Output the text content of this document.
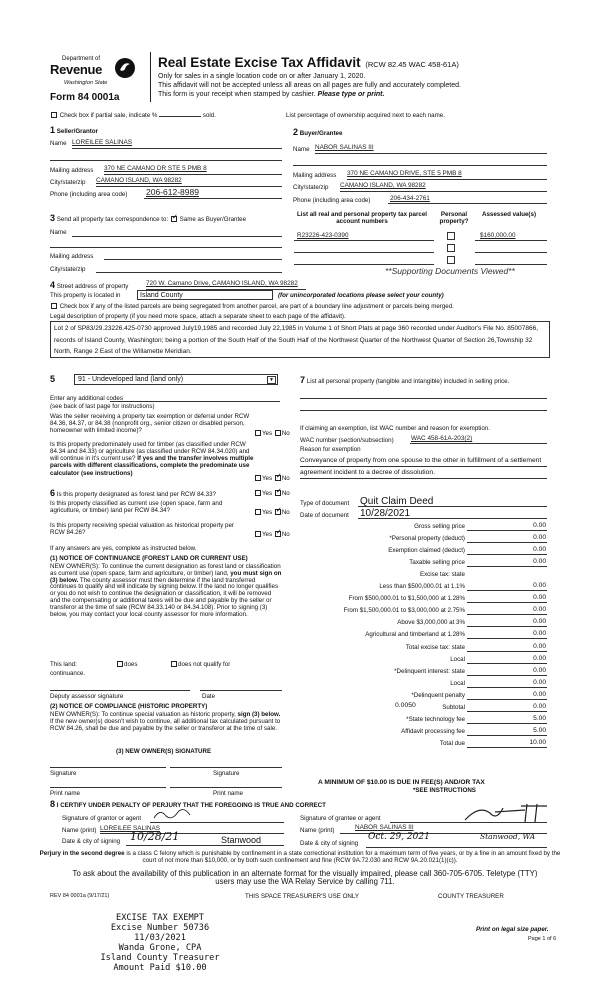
Department of
Revenue
Washington State
Form 84 0001a
Real Estate Excise Tax Affidavit (RCW 82.45 WAC 458-61A)
Only for sales in a single location code on or after January 1, 2020.
This affidavit will not be accepted unless all areas on all pages are fully and accurately completed.
This form is your receipt when stamped by cashier. Please type or print.
Check box if partial sale, indicate %	sold.	List percentage of ownership acquired next to each name.
1 Seller/Grantor
Name LOREILEE SALINAS
Mailing address 370 NE CAMANO DR STE 5 PMB 8
City/state/zip CAMANO ISLAND, WA 98282
Phone (including area code) 206-612-8989
2 Buyer/Grantee
Name NABOR SALINAS III
Mailing address 370 NE CAMANO DRIVE, STE 5 PMB 8
City/state/zip CAMANO ISLAND, WA 98282
Phone (including area code)	206-434-2761
3 Send all property tax correspondence to: ✓ Same as Buyer/Grantee
Name
Mailing address
City/state/zip
List all real and personal property tax parcel account numbers
Personal property?
Assessed value(s)
R23226-423-0390	$160,000.00
**Supporting Documents Viewed**
4 Street address of property	720 W. Camano Drive, CAMANO ISLAND, WA 98282
This property is located in	Island County	(for unincorporated locations please select your county)
Check box if any of the listed parcels are being segregated from another parcel, are part of a boundary line adjustment or parcels being merged.
Legal description of property (if you need more space, attach a separate sheet to each page of the affidavit).
Lot 2 of SP83/29.23226.425-0730 approved July19,1985 and recorded July 22,1985 in Volume 1 of Short Plats at page 360 recorded under Auditor's File No. 85007866, records of Island County, Washington; being a portion of the South Half of the South Half of the Northwest Quarter of the Northwest Quarter of Section 26,Township 32 North, Range 2 East of the Willamette Meridian.
5	91 - Undeveloped land (land only)	▼
Enter any additional codes
(see back of last page for instructions)
Was the seller receiving a property tax exemption or deferral under RCW 84.36, 84.37, or 84.38 (nonprofit org., senior citizen or disabled person, homeowner with limited income)?	Yes No
Is this property predominately used for timber (as classified under RCW 84.34 and 84.33) or agriculture (as classified under RCW 84.34.020) and will continue in it's current use? If yes and the transfer involves multiple parcels with different classifications, complete the predominate use calculator (see instructions)
Yes ✓ No
6 Is this property designated as forest land per RCW 84.33?	Yes ✓ No
Is this property classified as current use (open space, farm and agriculture, or timber) land per RCW 84.34?	Yes ✓ No
Is this property receiving special valuation as historical property per RCW 84.26?	Yes ✓ No
If any answers are yes, complete as instructed below.
(1) NOTICE OF CONTINUANCE (FOREST LAND OR CURRENT USE)
NEW OWNER(S): To continue the current designation as forest land or classification as current use (open space, farm and agriculture, or timber) land, you must sign on (3) below. The county assessor must then determine if the land transferred continues to qualify and will indicate by signing below. If the land no longer qualifies or you do not wish to continue the designation or classification, it will be removed and the compensating or additional taxes will be due and payable by the seller or transferor at the time of sale (RCW 84.33.140 or 84.34.108). Prior to signing (3) below, you may contact your local county assessor for more information.
This land:	does	does not qualify for
continuance.
Deputy assessor signature	Date
(2) NOTICE OF COMPLIANCE (HISTORIC PROPERTY)
NEW OWNER(S): To continue special valuation as historic property, sign (3) below. If the new owner(s) doesn't wish to continue, all additional tax calculated pursuant to RCW 84.26, shall be due and payable by the seller or transferor at the time of sale.
(3) NEW OWNER(S) SIGNATURE
Signature	Signature
Print name	Print name
7 List all personal property (tangible and intangible) included in selling price.
If claiming an exemption, list WAC number and reason for exemption.
WAC number (section/subsection)	WAC 458-61A-203(2)
Reason for exemption
Conveyance of property from one spouse to the other in fulfillment of a settlement agreement incident to a decree of dissolution.
Type of document Quit Claim Deed
Date of document 10/28/2021
Gross selling price	0.00
*Personal property (deduct)	0.00
Exemption claimed (deduct)	0.00
Taxable selling price	0.00
Excise tax: state
Less than $500,000.01 at 1.1%	0.00
From $500,000.01 to $1,500,000 at 1.28%	0.00
From $1,500,000.01 to $3,000,000 at 2.75%	0.00
Above $3,000,000 at 3%	0.00
Agricultural and timberland at 1.28%	0.00
Total excise tax: state	0.00
Local	0.00
*Delinquent interest: state	0.00
Local	0.00
*Delinquent penalty	0.00
Subtotal	0.00
*State technology fee	5.00
Affidavit processing fee	5.00
Total due	10.00
0.0050
A MINIMUM OF $10.00 IS DUE IN FEE(S) AND/OR TAX
*SEE INSTRUCTIONS
8 I CERTIFY UNDER PENALTY OF PERJURY THAT THE FOREGOING IS TRUE AND CORRECT
Signature of grantor or agent
Name (print) LOREILEE SALINAS
Date & city of signing 10/28/21	Stanwood
Signature of grantee or agent
Name (print)	NABOR SALINAS III
Date & city of signing
Oct. 29, 2021	Stanwood, WA
Perjury in the second degree is a class C felony which is punishable by confinement in a state correctional institution for a maximum term of five years, or by a fine in an amount fixed by the court of not more than $10,000, or by both such confinement and fine (RCW 9A.72.030 and RCW 9A.20.021(1)(c)).
To ask about the availability of this publication in an alternate format for the visually impaired, please call 360-705-6705. Teletype (TTY) users may use the WA Relay Service by calling 711.
REV 84 0001a (9/17/21)	THIS SPACE TREASURER'S USE ONLY	COUNTY TREASURER
Print on legal size paper.
Page 1 of 6
EXCISE TAX EXEMPT
Excise Number 50736
11/03/2021
Wanda Grone, CPA
Island County Treasurer
Amount Paid $10.00
